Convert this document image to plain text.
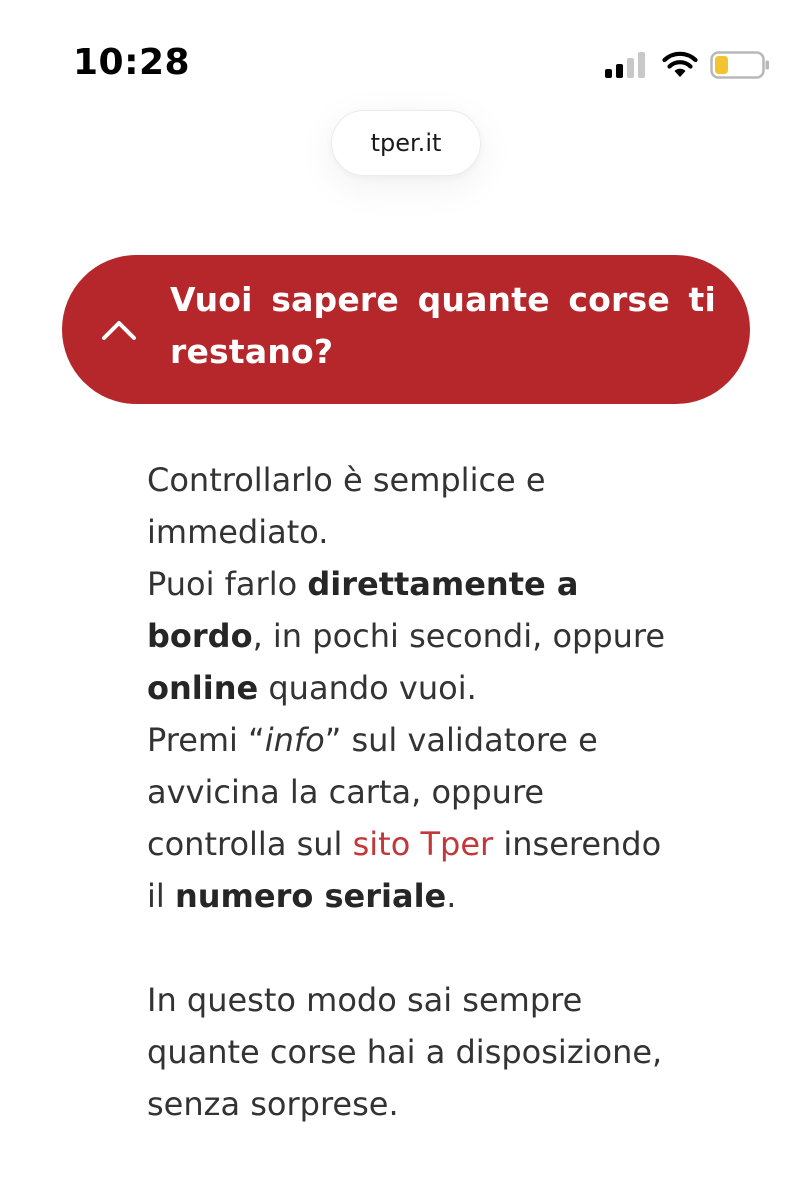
10:28
tper.it
Vuoi sapere quante corse ti restano?

Controllarlo è semplice e immediato.

Puoi farlo direttamente a bordo, in pochi secondi, oppure online quando vuoi.

Premi “info” sul validatore e avvicina la carta, oppure controlla sul sito Tper inserendo il numero seriale.

In questo modo sai sempre quante corse hai a disposizione, senza sorprese.
